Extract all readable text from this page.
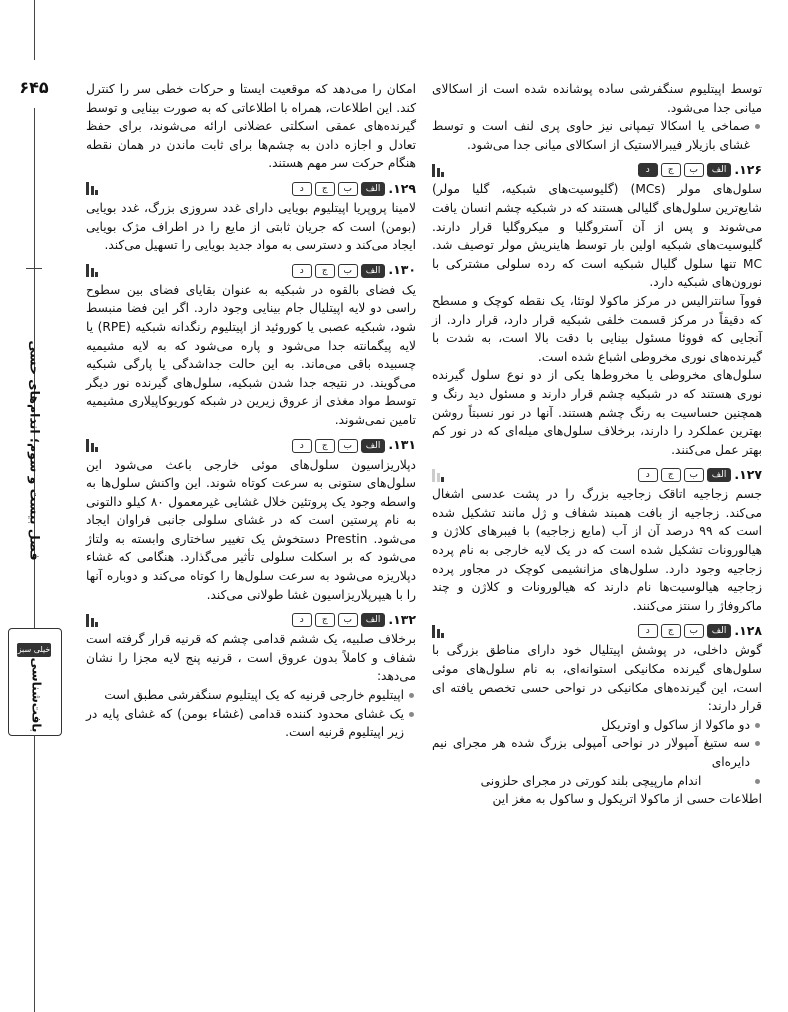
۶۴۵
فصل بیست و سوم؛ اندام‌های حسی
خیلی سبز
بافت‌شناسی

توسط اپیتلیوم سنگفرشی ساده پوشانده شده است از اسکالای میانی جدا می‌شود.

صماخی یا اسکالا تیمپانی نیز حاوی پری لنف است و توسط غشای بازیلار فیبرالاستیک از اسکالای میانی جدا می‌شود.

۱۲۶.
الف
ب
ج
د

سلول‌های مولر (MCs) (گلیوسیت‌های شبکیه، گلیا مولر) شایع‌ترین سلول‌های گلیالی هستند که در شبکیه چشم انسان یافت می‌شوند و پس از آن آستروگلیا و میکروگلیا قرار دارند. گلیوسیت‌های شبکیه اولین بار توسط هاینریش مولر توصیف شد. MC تنها سلول گلیال شبکیه است که رده سلولی مشترکی با نورون‌های شبکیه دارد.

فووآ سانترالیس در مرکز ماکولا لوتئا، یک نقطه کوچک و مسطح که دقیقاً در مرکز قسمت خلفی شبکیه قرار دارد، قرار دارد. از آنجایی که فووئا مسئول بینایی با دقت بالا است، به شدت با گیرنده‌های نوری مخروطی اشباع شده است.

سلول‌های مخروطی یا مخروط‌ها یکی از دو نوع سلول گیرنده نوری هستند که در شبکیه چشم قرار دارند و مسئول دید رنگ و همچنین حساسیت به رنگ چشم هستند. آنها در نور نسبتاً روشن بهترین عملکرد را دارند، برخلاف سلول‌های میله‌ای که در نور کم بهتر عمل می‌کنند.

۱۲۷.
الف
ب
ج
د

جسم زجاجیه اتاقک زجاجیه بزرگ را در پشت عدسی اشغال می‌کند. زجاجیه از بافت همبند شفاف و ژل مانند تشکیل شده است که ۹۹ درصد آن از آب (مایع زجاجیه) با فیبرهای کلاژن و هیالورونات تشکیل شده است که در یک لایه خارجی به نام پرده زجاجیه وجود دارد. سلول‌های مزانشیمی کوچک در مجاور پرده زجاجیه هیالوسیت‌ها نام دارند که هیالورونات و کلاژن و چند ماکروفاژ را سنتز می‌کنند.

۱۲۸.
الف
ب
ج
د

گوش داخلی، در پوشش اپیتلیال خود دارای مناطق بزرگی با سلول‌های گیرنده مکانیکی استوانه‌ای، به نام سلول‌های موئی است، این گیرنده‌های مکانیکی در نواحی حسی تخصص یافته ای قرار دارند:

دو ماکولا از ساکول و اوتریکل

سه ستیغ آمپولار در نواحی آمپولی بزرگ شده هر مجرای نیم دایره‌ای

اندام مارپیچی بلند کورتی در مجرای حلزونی

اطلاعات حسی از ماکولا اتریکول و ساکول به مغز این

امکان را می‌دهد که موقعیت ایستا و حرکات خطی سر را کنترل کند. این اطلاعات، همراه با اطلاعاتی که به صورت بینایی و توسط گیرنده‌های عمقی اسکلتی عضلانی ارائه می‌شوند، برای حفظ تعادل و اجازه دادن به چشم‌ها برای ثابت ماندن در همان نقطه هنگام حرکت سر مهم هستند.

۱۲۹.
الف
ب
ج
د

لامینا پروپریا اپیتلیوم بویایی دارای غدد سروزی بزرگ، غدد بویایی (بومن) است که جریان ثابتی از مایع را در اطراف مژک بویایی ایجاد می‌کند و دسترسی به مواد جدید بویایی را تسهیل می‌کند.

۱۳۰.
الف
ب
ج
د

یک فضای بالقوه در شبکیه به عنوان بقایای فضای بین سطوح راسی دو لایه اپیتلیال جام بینایی وجود دارد. اگر این فضا منبسط شود، شبکیه عصبی یا کوروئید از اپیتلیوم رنگدانه شبکیه (RPE) یا لایه پیگمانته جدا می‌شود و پاره می‌شود که به لایه مشیمیه چسبیده باقی می‌ماند. به این حالت جداشدگی یا پارگی شبکیه می‌گویند. در نتیجه جدا شدن شبکیه، سلول‌های گیرنده نور دیگر توسط مواد مغذی از عروق زیرین در شبکه کوریوکاپیلاری مشیمیه تامین نمی‌شوند.

۱۳۱.
الف
ب
ج
د

دپلاریزاسیون سلول‌های موئی خارجی باعث می‌شود این سلول‌های ستونی به سرعت کوتاه شوند. این واکنش سلول‌ها به واسطه وجود یک پروتئین خلال غشایی غیرمعمول ۸۰ کیلو دالتونی به نام پرستین است که در غشای سلولی جانبی فراوان ایجاد می‌شود. Prestin دستخوش یک تغییر ساختاری وابسته به ولتاژ می‌شود که بر اسکلت سلولی تأثیر می‌گذارد. هنگامی که غشاء دپلاریزه می‌شود به سرعت سلول‌ها را کوتاه می‌کند و دوباره آنها را با هیپرپلاریزاسیون غشا طولانی می‌کند.

۱۳۲.
الف
ب
ج
د

برخلاف صلبیه، یک ششم قدامی چشم که قرنیه قرار گرفته است شفاف و کاملاً بدون عروق است ، قرنیه پنج لایه مجزا را نشان می‌دهد:

اپیتلیوم خارجی قرنیه که یک اپیتلیوم سنگفرشی مطبق است

یک غشای محدود کننده قدامی (غشاء بومن) که غشای پایه در زیر اپیتلیوم قرنیه است.
